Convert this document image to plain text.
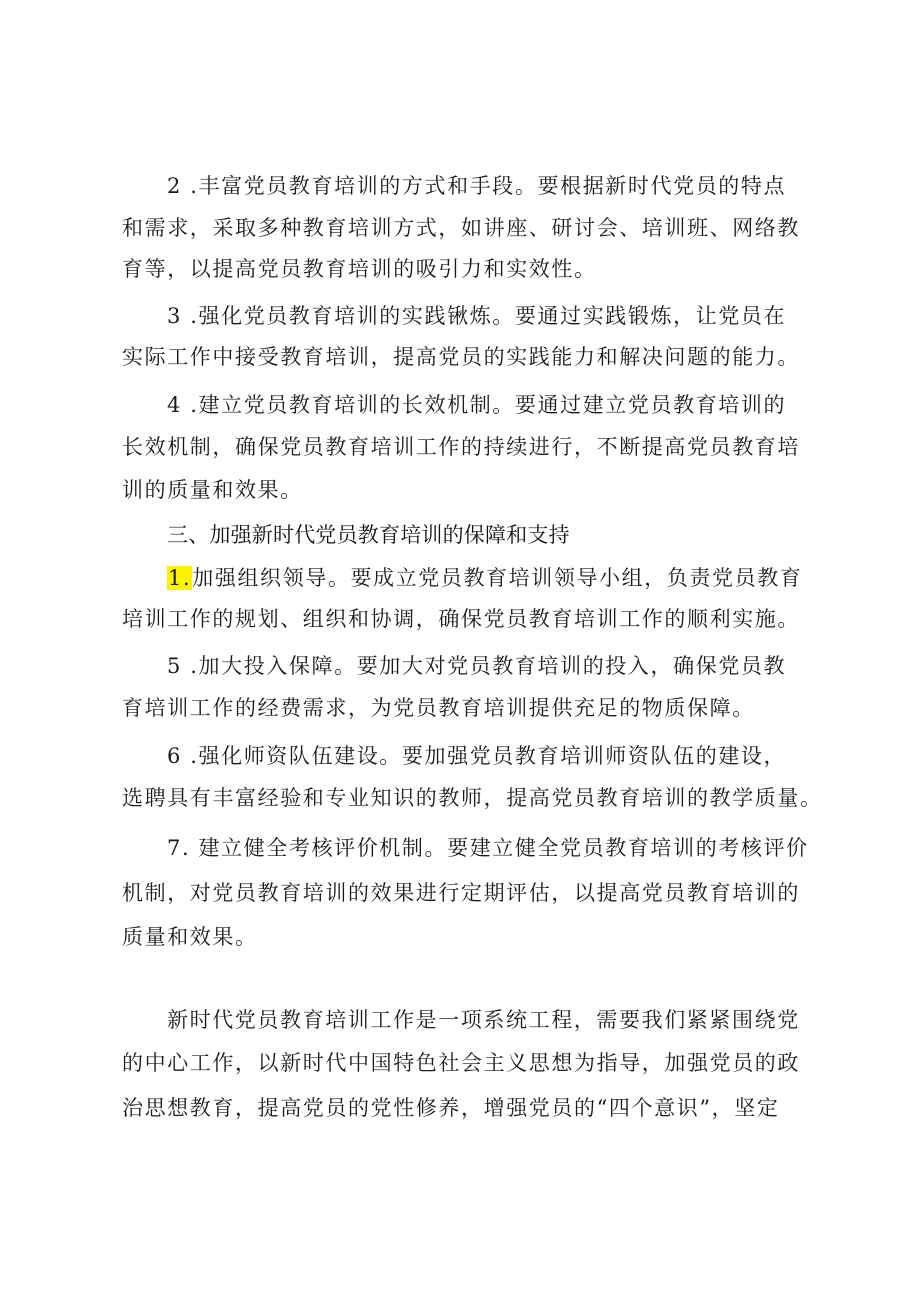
2 .丰富党员教育培训的方式和手段。要根据新时代党员的特点
和需求，采取多种教育培训方式，如讲座、研讨会、培训班、网络教
育等，以提高党员教育培训的吸引力和实效性。
3 .强化党员教育培训的实践锹炼。要通过实践锻炼，让党员在
实际工作中接受教育培训，提高党员的实践能力和解决问题的能力。
4 .建立党员教育培训的长效机制。要通过建立党员教育培训的
长效机制，确保党员教育培训工作的持续进行，不断提高党员教育培
训的质量和效果。
三、加强新时代党员教育培训的保障和支持
1.加强组织领导。要成立党员教育培训领导小组，负责党员教育
培训工作的规划、组织和协调，确保党员教育培训工作的顺利实施。
5 .加大投入保障。要加大对党员教育培训的投入，确保党员教
育培训工作的经费需求，为党员教育培训提供充足的物质保障。
6 .强化师资队伍建设。要加强党员教育培训师资队伍的建设，
选聘具有丰富经验和专业知识的教师，提高党员教育培训的教学质量。
7. 建立健全考核评价机制。要建立健全党员教育培训的考核评价
机制，对党员教育培训的效果进行定期评估，以提高党员教育培训的
质量和效果。
新时代党员教育培训工作是一项系统工程，需要我们紧紧围绕党
的中心工作，以新时代中国特色社会主义思想为指导，加强党员的政
治思想教育，提高党员的党性修养，增强党员的“四个意识”，坚定
